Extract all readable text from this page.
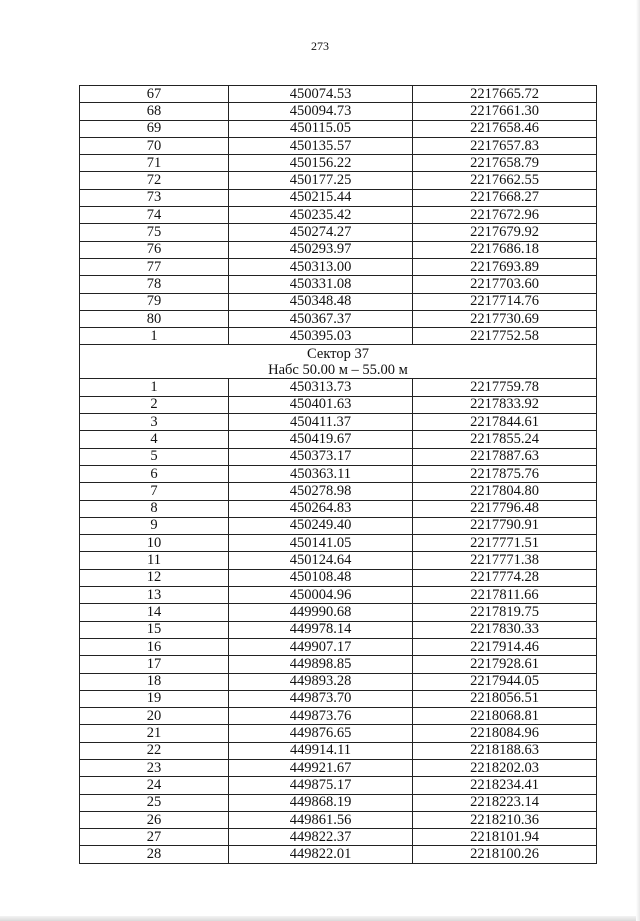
273
67	450074.53	2217665.72
68	450094.73	2217661.30
69	450115.05	2217658.46
70	450135.57	2217657.83
71	450156.22	2217658.79
72	450177.25	2217662.55
73	450215.44	2217668.27
74	450235.42	2217672.96
75	450274.27	2217679.92
76	450293.97	2217686.18
77	450313.00	2217693.89
78	450331.08	2217703.60
79	450348.48	2217714.76
80	450367.37	2217730.69
1	450395.03	2217752.58

Сектор 37
Набс 50.00 м – 55.00 м		

1	450313.73	2217759.78
2	450401.63	2217833.92
3	450411.37	2217844.61
4	450419.67	2217855.24
5	450373.17	2217887.63
6	450363.11	2217875.76
7	450278.98	2217804.80
8	450264.83	2217796.48
9	450249.40	2217790.91
10	450141.05	2217771.51
11	450124.64	2217771.38
12	450108.48	2217774.28
13	450004.96	2217811.66
14	449990.68	2217819.75
15	449978.14	2217830.33
16	449907.17	2217914.46
17	449898.85	2217928.61
18	449893.28	2217944.05
19	449873.70	2218056.51
20	449873.76	2218068.81
21	449876.65	2218084.96
22	449914.11	2218188.63
23	449921.67	2218202.03
24	449875.17	2218234.41
25	449868.19	2218223.14
26	449861.56	2218210.36
27	449822.37	2218101.94
28	449822.01	2218100.26
